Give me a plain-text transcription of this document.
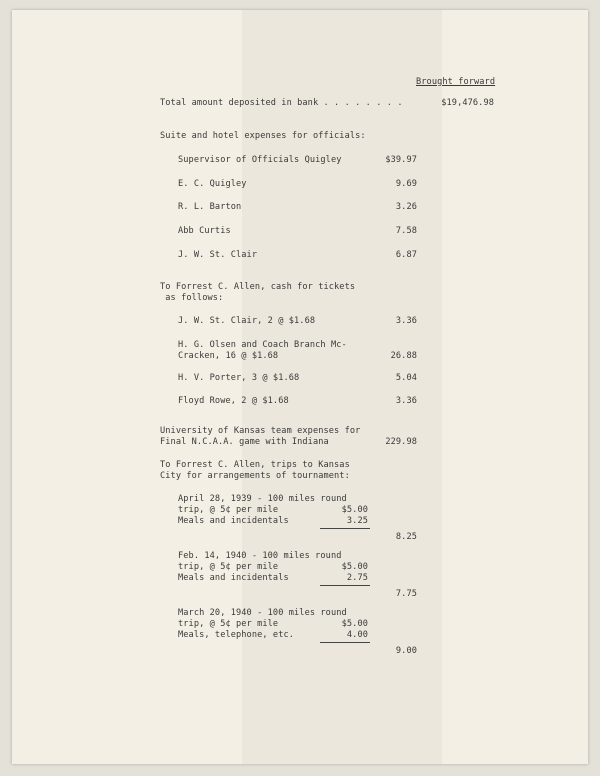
Brought forward
Total amount deposited in bank . . . . . . . .	$19,476.98
Suite and hotel expenses for officials:
Supervisor of Officials Quigley	$39.97
E. C. Quigley	9.69
R. L. Barton	3.26
Abb Curtis	7.58
J. W. St. Clair	6.87
To Forrest C. Allen, cash for tickets
as follows:
J. W. St. Clair, 2 @ $1.68	3.36
H. G. Olsen and Coach Branch Mc-
Cracken, 16 @ $1.68	26.88
H. V. Porter, 3 @ $1.68	5.04
Floyd Rowe, 2 @ $1.68	3.36
University of Kansas team expenses for
Final N.C.A.A. game with Indiana	229.98
To Forrest C. Allen, trips to Kansas
City for arrangements of tournament:
April 28, 1939 - 100 miles round
trip, @ 5¢ per mile	$5.00
Meals and incidentals	3.25
8.25
Feb. 14, 1940 - 100 miles round
trip, @ 5¢ per mile	$5.00
Meals and incidentals	2.75
7.75
March 20, 1940 - 100 miles round
trip, @ 5¢ per mile	$5.00
Meals, telephone, etc.	4.00
9.00
